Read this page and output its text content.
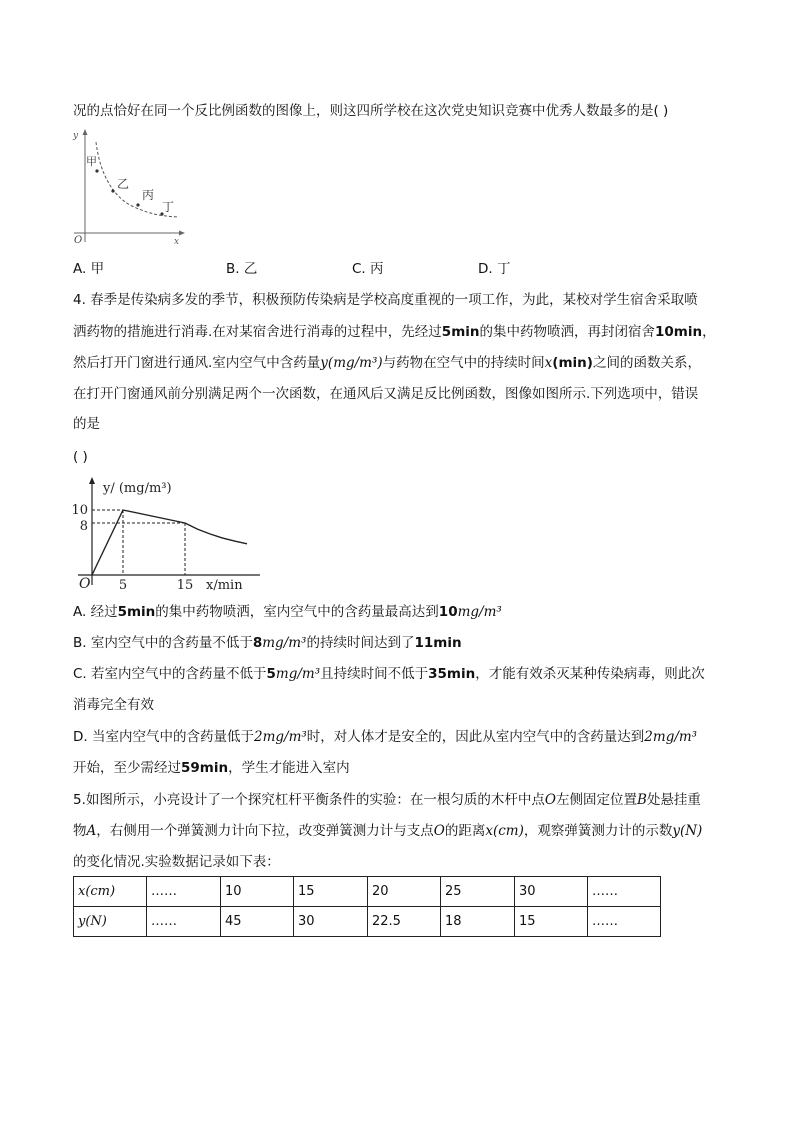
况的点恰好在同一个反比例函数的图像上，则这四所学校在这次党史知识竞赛中优秀人数最多的是( )
y
x
O
甲
乙
丙
丁
A. 甲	B. 乙	C. 丙	D. 丁
4. 春季是传染病多发的季节，积极预防传染病是学校高度重视的一项工作，为此，某校对学生宿舍采取喷
洒药物的措施进行消毒.在对某宿舍进行消毒的过程中，先经过5min的集中药物喷洒，再封闭宿舍10min，
然后打开门窗进行通风.室内空气中含药量y(mg/m³)与药物在空气中的持续时间x(min)之间的函数关系，
在打开门窗通风前分别满足两个一次函数，在通风后又满足反比例函数，图像如图所示.下列选项中，错误
的是
( )
y/ (mg/m³)
x/min
O 5	15
10
8
A. 经过5min的集中药物喷洒，室内空气中的含药量最高达到10mg/m³
B. 室内空气中的含药量不低于8mg/m³的持续时间达到了11min
C. 若室内空气中的含药量不低于5mg/m³且持续时间不低于35min，才能有效杀灭某种传染病毒，则此次
消毒完全有效
D. 当室内空气中的含药量低于2mg/m³时，对人体才是安全的，因此从室内空气中的含药量达到2mg/m³
开始，至少需经过59min，学生才能进入室内
5.如图所示，小亮设计了一个探究杠杆平衡条件的实验：在一根匀质的木杆中点O左侧固定位置B处悬挂重
物A，右侧用一个弹簧测力计向下拉，改变弹簧测力计与支点O的距离x(cm)，观察弹簧测力计的示数y(N)
的变化情况.实验数据记录如下表：
x(cm)	……	10	15	20	25	30	……
y(N)	……	45	30	22.5	18	15	……
